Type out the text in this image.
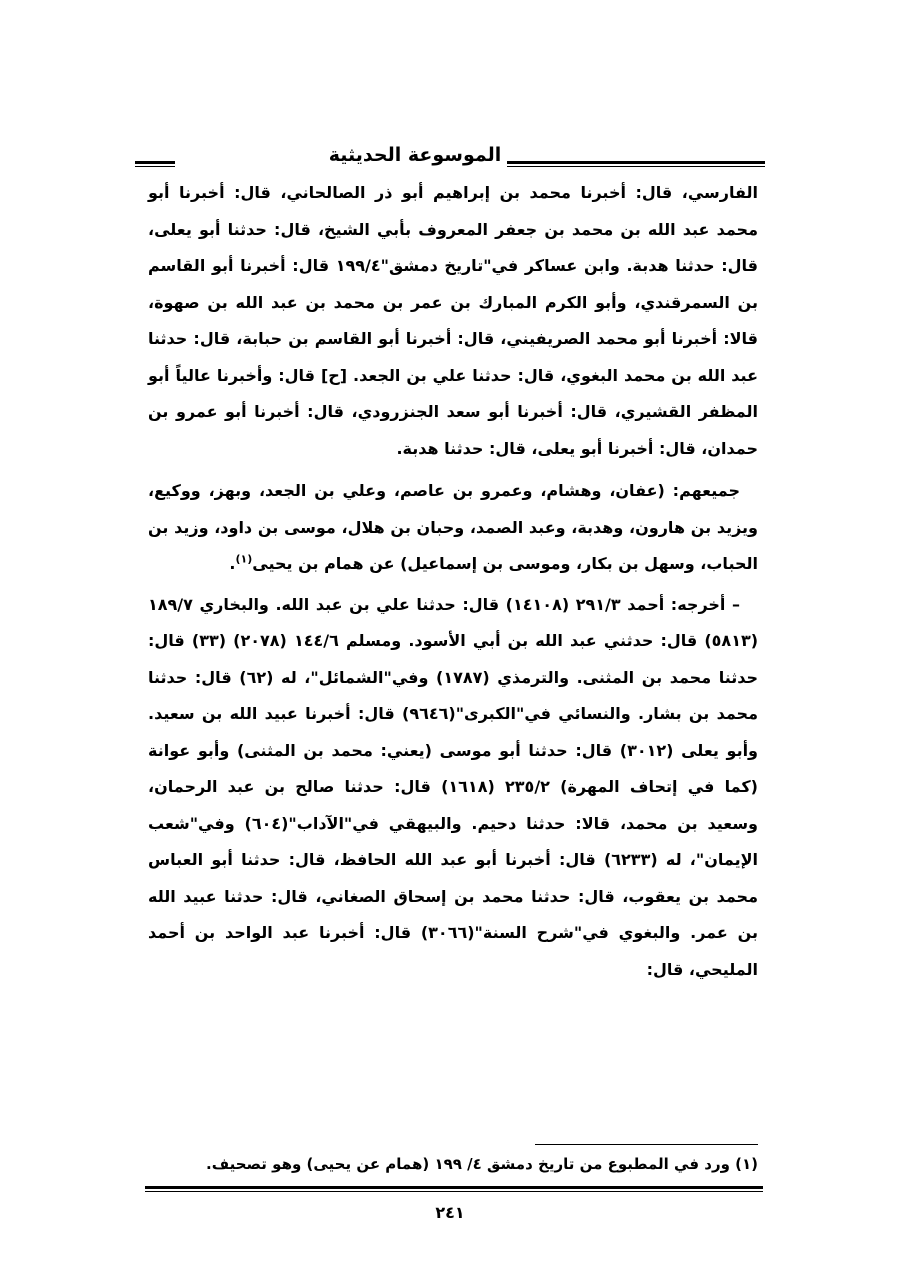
الموسوعة الحديثية

الفارسي، قال: أخبرنا محمد بن إبراهيم أبو ذر الصالحاني، قال: أخبرنا أبو محمد عبد الله بن محمد بن جعفر المعروف بأبي الشيخ، قال: حدثنا أبو يعلى، قال: حدثنا هدبة. وابن عساكر في"تاريخ دمشق"١٩٩/٤ قال: أخبرنا أبو القاسم بن السمرقندي، وأبو الكرم المبارك بن عمر بن محمد بن عبد الله بن صهوة، قالا: أخبرنا أبو محمد الصريفيني، قال: أخبرنا أبو القاسم بن حبابة، قال: حدثنا عبد الله بن محمد البغوي، قال: حدثنا علي بن الجعد. [ح] قال: وأخبرنا عالياً أبو المظفر القشيري، قال: أخبرنا أبو سعد الجنزرودي، قال: أخبرنا أبو عمرو بن حمدان، قال: أخبرنا أبو يعلى، قال: حدثنا هدبة.

جميعهم: (عفان، وهشام، وعمرو بن عاصم، وعلي بن الجعد، وبهز، ووكيع، ويزيد بن هارون، وهدبة، وعبد الصمد، وحبان بن هلال، موسى بن داود، وزيد بن الحباب، وسهل بن بكار، وموسى بن إسماعيل) عن همام بن يحيى$^{(١)}$.

– أخرجه: أحمد ٢٩١/٣ (١٤١٠٨) قال: حدثنا علي بن عبد الله. والبخاري ١٨٩/٧ (٥٨١٣) قال: حدثني عبد الله بن أبي الأسود. ومسلم ١٤٤/٦ (٢٠٧٨) (٣٣) قال: حدثنا محمد بن المثنى. والترمذي (١٧٨٧) وفي"الشمائل"، له (٦٢) قال: حدثنا محمد بن بشار. والنسائي في"الكبرى"(٩٦٤٦) قال: أخبرنا عبيد الله بن سعيد. وأبو يعلى (٣٠١٢) قال: حدثنا أبو موسى (يعني: محمد بن المثنى) وأبو عوانة (كما في إتحاف المهرة) ٢٣٥/٢ (١٦١٨) قال: حدثنا صالح بن عبد الرحمان، وسعيد بن محمد، قالا: حدثنا دحيم. والبيهقي في"الآداب"(٦٠٤) وفي"شعب الإيمان"، له (٦٢٣٣) قال: أخبرنا أبو عبد الله الحافظ، قال: حدثنا أبو العباس محمد بن يعقوب، قال: حدثنا محمد بن إسحاق الصغاني، قال: حدثنا عبيد الله بن عمر. والبغوي في"شرح السنة"(٣٠٦٦) قال: أخبرنا عبد الواحد بن أحمد المليحي، قال:

(١) ورد في المطبوع من تاريخ دمشق ٤/ ١٩٩ (همام عن يحيى) وهو تصحيف.
٢٤١
